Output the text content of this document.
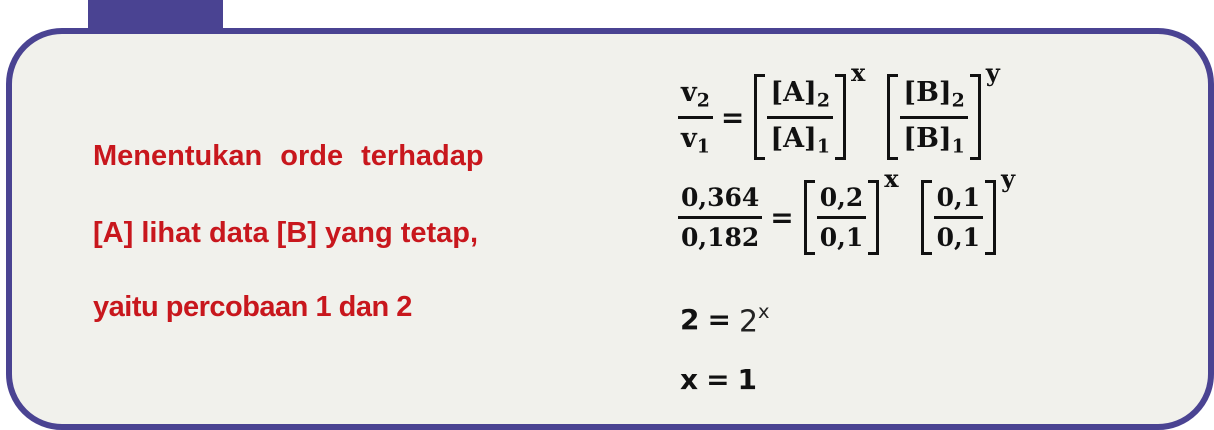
Menentukan orde terhadap
[A] lihat data [B] yang tetap,
yaitu percobaan 1 dan 2
$\frac{v_2}{v_1} = \frac{[A]_2}{[A]_1}$
x
$\frac{[B]_2}{[B]_1}$
y
$\frac{0,364}{0,182} = \frac{0,2}{0,1}$
x
$\frac{0,1}{0,1}$
y
$2 = 2^x$
x = 1
